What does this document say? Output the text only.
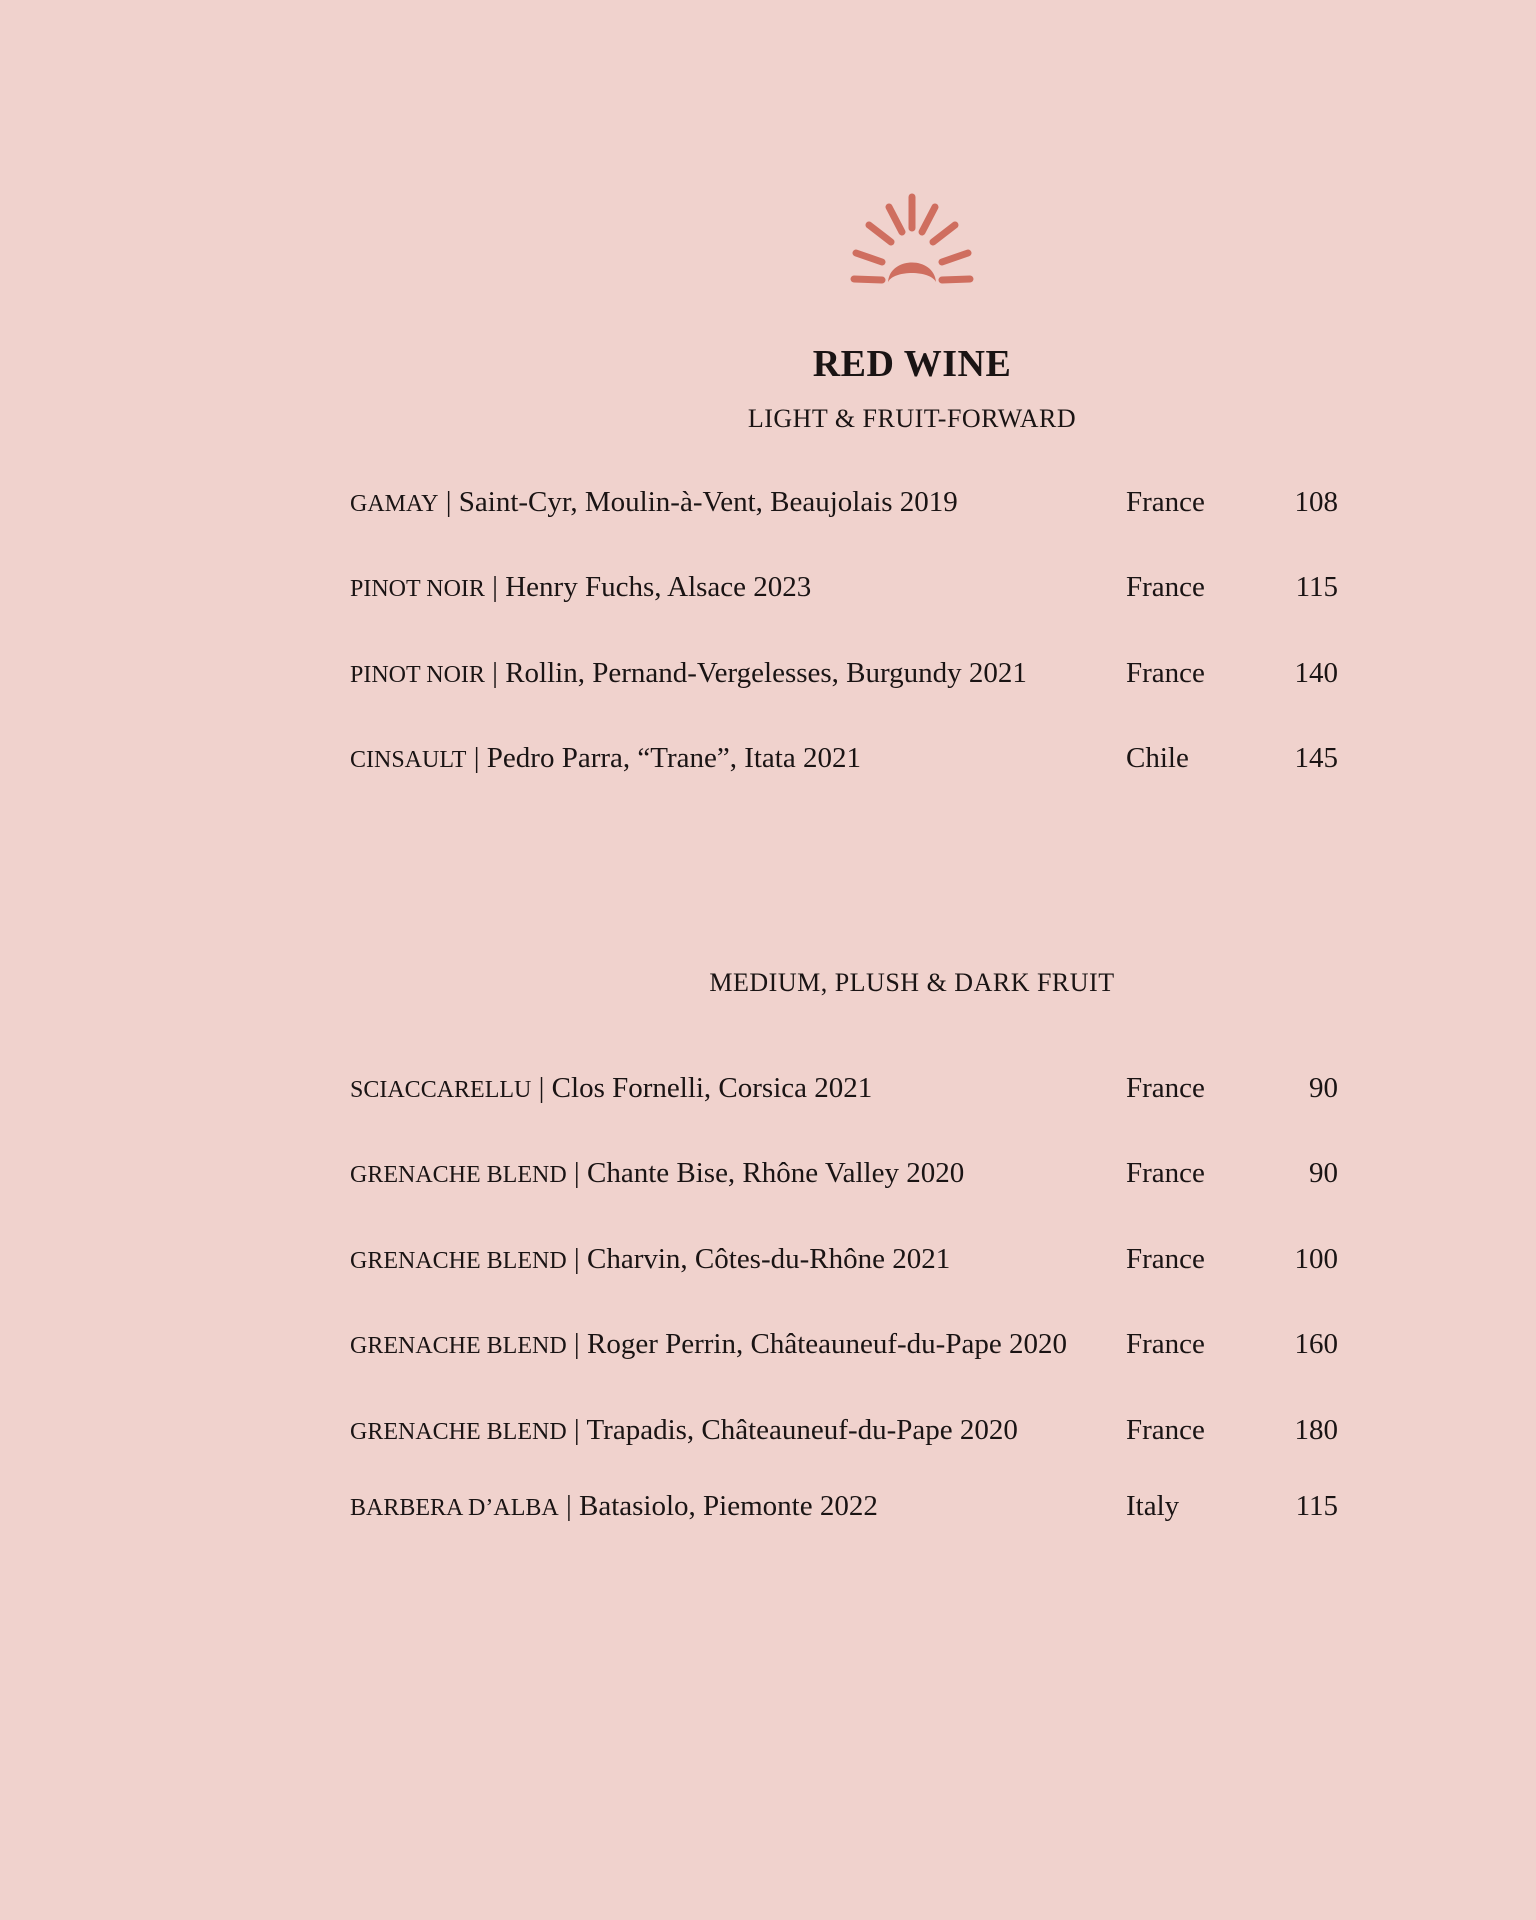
RED WINE
LIGHT & FRUIT-FORWARD
GAMAY | Saint-Cyr, Moulin-à-Vent, Beaujolais 2019	France	108
PINOT NOIR | Henry Fuchs, Alsace 2023	France	115
PINOT NOIR | Rollin, Pernand-Vergelesses, Burgundy 2021	France	140
CINSAULT | Pedro Parra, “Trane”, Itata 2021	Chile	145
MEDIUM, PLUSH & DARK FRUIT
SCIACCARELLU | Clos Fornelli, Corsica 2021	France	90
GRENACHE BLEND | Chante Bise, Rhône Valley 2020	France	90
GRENACHE BLEND | Charvin, Côtes-du-Rhône 2021	France	100
GRENACHE BLEND | Roger Perrin, Châteauneuf-du-Pape 2020 France	160
GRENACHE BLEND | Trapadis, Châteauneuf-du-Pape 2020	France	180
BARBERA D’ALBA | Batasiolo, Piemonte 2022	Italy	115
